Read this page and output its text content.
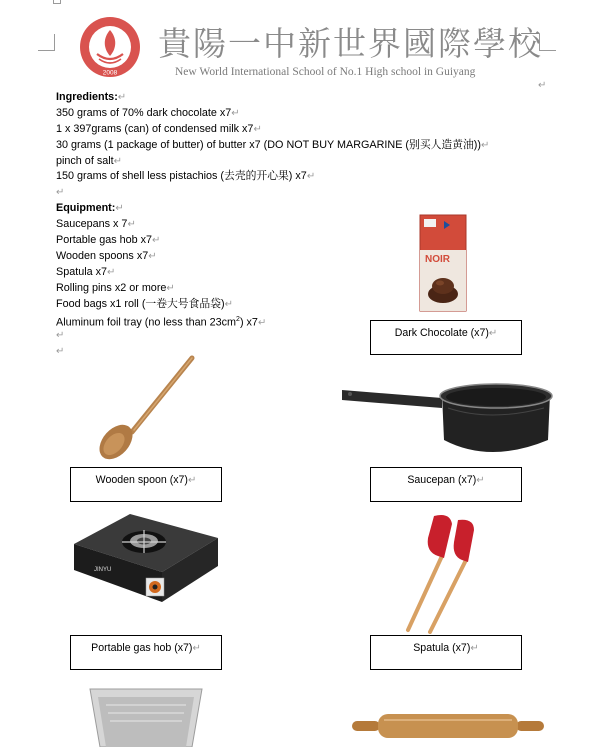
2008
貴陽一中新世界國際學校
New World International School of No.1 High school in Guiyang
↵
Ingredients:↵
350 grams of 70% dark chocolate x7↵
1 x 397grams (can) of condensed milk x7↵
30 grams (1 package of butter) of butter x7 (DO NOT BUY MARGARINE (别买人造黄油))↵
pinch of salt↵
150 grams of shell less pistachios (去壳的开心果) x7↵
↵
Equipment:↵
Saucepans x 7↵
Portable gas hob x7↵
Wooden spoons x7↵
Spatula x7↵
Rolling pins x2 or more↵
Food bags x1 roll (一卷大号食品袋)↵
Aluminum foil tray (no less than $23cm^2$) x7↵
↵
↵
NOIR
Dark Chocolate (x7)↵
Wooden spoon (x7)↵	Saucepan (x7)↵
JINYU
Portable gas hob (x7)↵	Spatula (x7)↵
